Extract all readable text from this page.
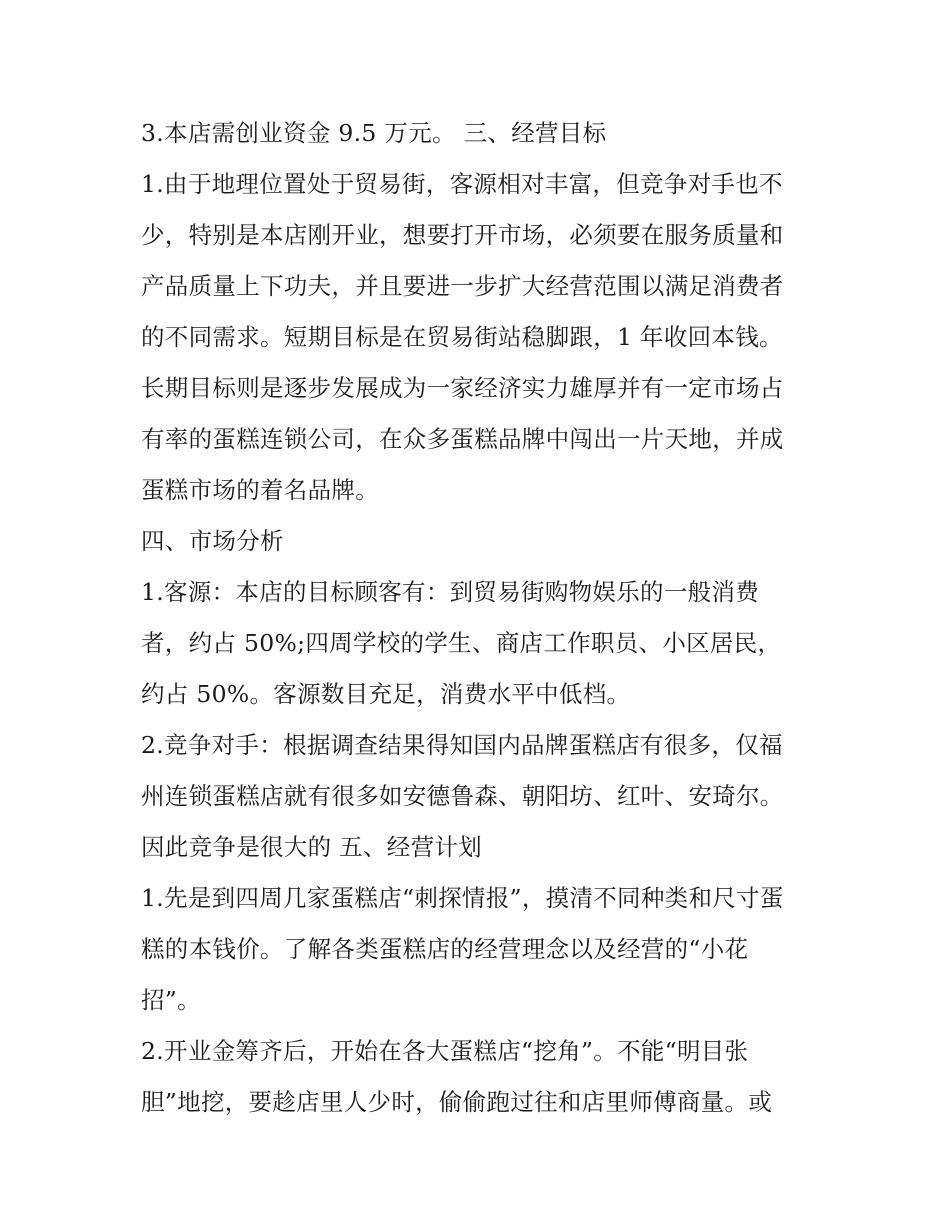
3.本店需创业资金 9.5 万元。 三、经营目标
1.由于地理位置处于贸易街，客源相对丰富，但竞争对手也不
少，特别是本店刚开业，想要打开市场，必须要在服务质量和
产品质量上下功夫，并且要进一步扩大经营范围以满足消费者
的不同需求。短期目标是在贸易街站稳脚跟，1 年收回本钱。
长期目标则是逐步发展成为一家经济实力雄厚并有一定市场占
有率的蛋糕连锁公司，在众多蛋糕品牌中闯出一片天地，并成
蛋糕市场的着名品牌。
四、市场分析
1.客源：本店的目标顾客有：到贸易街购物娱乐的一般消费
者，约占 50%;四周学校的学生、商店工作职员、小区居民，
约占 50%。客源数目充足，消费水平中低档。
2.竞争对手：根据调查结果得知国内品牌蛋糕店有很多，仅福
州连锁蛋糕店就有很多如安德鲁森、朝阳坊、红叶、安琦尔。
因此竞争是很大的 五、经营计划
1.先是到四周几家蛋糕店“刺探情报”，摸清不同种类和尺寸蛋
糕的本钱价。了解各类蛋糕店的经营理念以及经营的“小花
招”。
2.开业金筹齐后，开始在各大蛋糕店“挖角”。不能“明目张
胆”地挖，要趁店里人少时，偷偷跑过往和店里师傅商量。或
